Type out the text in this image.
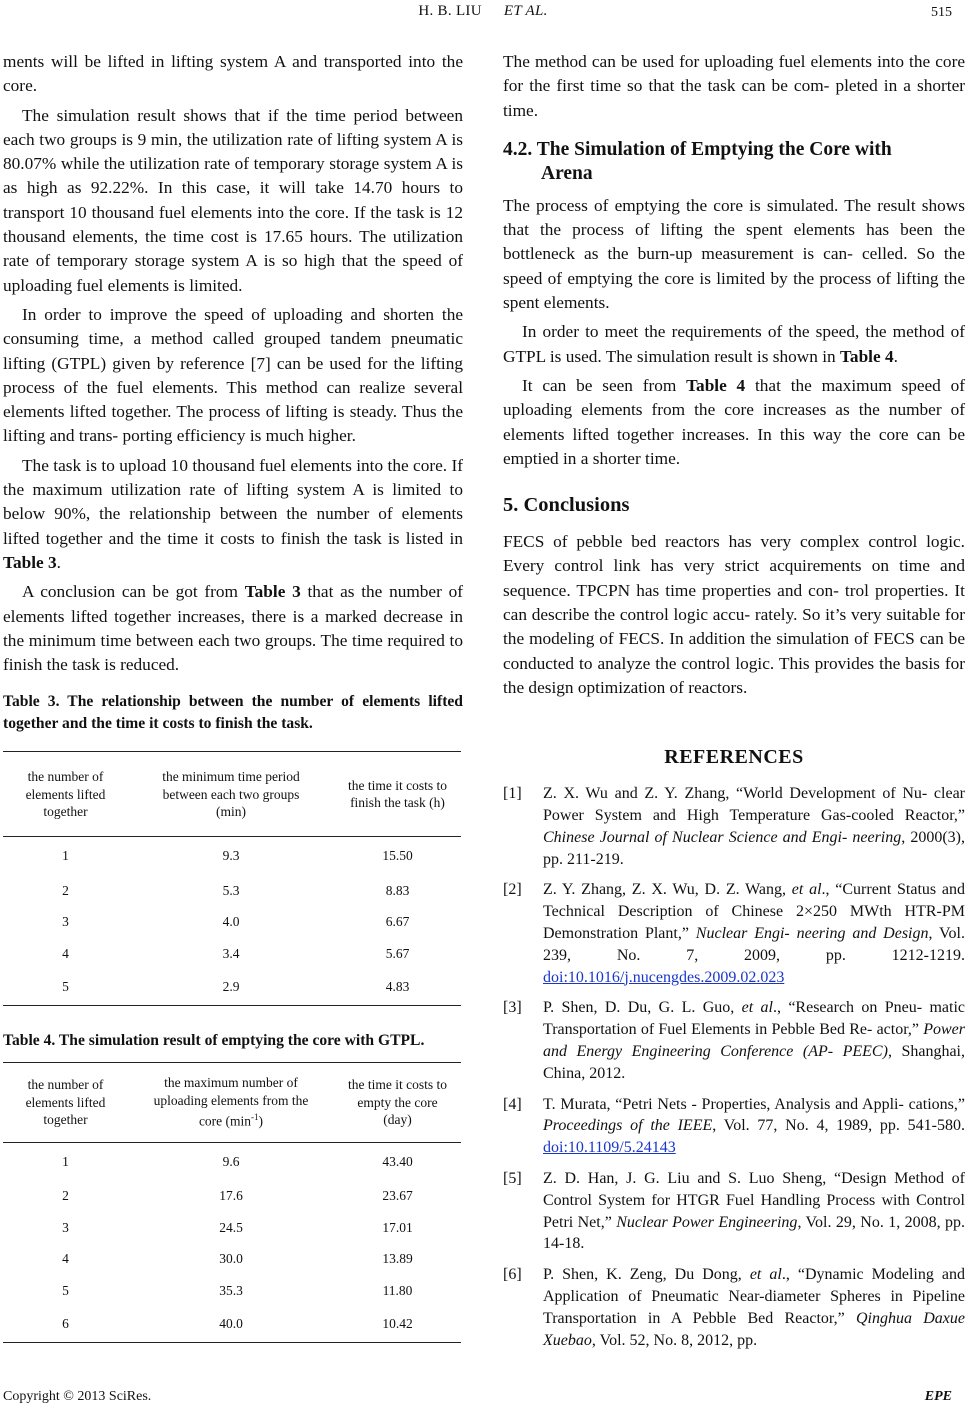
H. B. LIU ET AL.	515

ments will be lifted in lifting system A and transported into the core.

The simulation result shows that if the time period between each two groups is 9 min, the utilization rate of lifting system A is 80.07% while the utilization rate of temporary storage system A is as high as 92.22%. In this case, it will take 14.70 hours to transport 10 thousand fuel elements into the core. If the task is 12 thousand elements, the time cost is 17.65 hours. The utilization rate of temporary storage system A is so high that the speed of uploading fuel elements is limited.

In order to improve the speed of uploading and shorten the consuming time, a method called grouped tandem pneumatic lifting (GTPL) given by reference [7] can be used for the lifting process of the fuel elements. This method can realize several elements lifted together. The process of lifting is steady. Thus the lifting and trans- porting efficiency is much higher.

The task is to upload 10 thousand fuel elements into the core. If the maximum utilization rate of lifting system A is limited to below 90%, the relationship between the number of elements lifted together and the time it costs to finish the task is listed in Table 3.

A conclusion can be got from Table 3 that as the number of elements lifted together increases, there is a marked decrease in the minimum time between each two groups. The time required to finish the task is reduced.

Table 3. The relationship between the number of elements lifted together and the time it costs to finish the task.

the number of elements lifted together	the minimum time period between each two groups (min)	the time it costs to finish the task (h)
1	9.3	15.50
2	5.3	8.83
3	4.0	6.67
4	3.4	5.67
5	2.9	4.83

Table 4. The simulation result of emptying the core with GTPL.

the number of elements lifted together	the maximum number of uploading elements from the core $(\min^{-1})$	the time it costs to empty the core (day)
1	9.6	43.40
2	17.6	23.67
3	24.5	17.01
4	30.0	13.89
5	35.3	11.80
6	40.0	10.42

The method can be used for uploading fuel elements into the core for the first time so that the task can be com- pleted in a shorter time.

4.2. The Simulation of Emptying the Core with
Arena

The process of emptying the core is simulated. The result shows that the process of lifting the spent elements has been the bottleneck as the burn-up measurement is can- celled. So the speed of emptying the core is limited by the process of lifting the spent elements.

In order to meet the requirements of the speed, the method of GTPL is used. The simulation result is shown in Table 4.

It can be seen from Table 4 that the maximum speed of uploading elements from the core increases as the number of elements lifted together increases. In this way the core can be emptied in a shorter time.

5. Conclusions

FECS of pebble bed reactors has very complex control logic. Every control link has very strict acquirements on time and sequence. TPCPN has time properties and con- trol properties. It can describe the control logic accu- rately. So it’s very suitable for the modeling of FECS. In addition the simulation of FECS can be conducted to analyze the control logic. This provides the basis for the design optimization of reactors.

REFERENCES

[1] Z. X. Wu and Z. Y. Zhang, “World Development of Nu- clear Power System and High Temperature Gas-cooled Reactor,” Chinese Journal of Nuclear Science and Engi- neering, 2000(3), pp. 211-219.

[2] Z. Y. Zhang, Z. X. Wu, D. Z. Wang, et al., “Current Status and Technical Description of Chinese 2×250 MWth HTR-PM Demonstration Plant,” Nuclear Engi- neering and Design, Vol. 239, No. 7, 2009, pp. 1212-1219. doi:10.1016/j.nucengdes.2009.02.023

[3] P. Shen, D. Du, G. L. Guo, et al., “Research on Pneu- matic Transportation of Fuel Elements in Pebble Bed Re- actor,” Power and Energy Engineering Conference (AP- PEEC), Shanghai, China, 2012.

[4] T. Murata, “Petri Nets - Properties, Analysis and Appli- cations,” Proceedings of the IEEE, Vol. 77, No. 4, 1989, pp. 541-580. doi:10.1109/5.24143

[5] Z. D. Han, J. G. Liu and S. Luo Sheng, “Design Method of Control System for HTGR Fuel Handling Process with Control Petri Net,” Nuclear Power Engineering, Vol. 29, No. 1, 2008, pp. 14-18.

[6] P. Shen, K. Zeng, Du Dong, et al., “Dynamic Modeling and Application of Pneumatic Near-diameter Spheres in Pipeline Transportation in A Pebble Bed Reactor,” Qinghua Daxue Xuebao, Vol. 52, No. 8, 2012, pp.

Copyright © 2013 SciRes.	EPE
